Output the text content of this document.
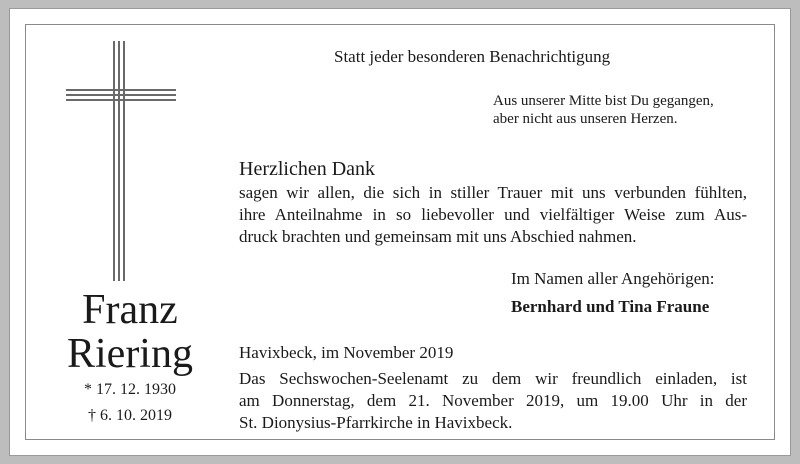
Franz
Riering
* 17. 12. 1930
† 6. 10. 2019
Statt jeder besonderen Benachrichtigung
Aus unserer Mitte bist Du gegangen,
aber nicht aus unseren Herzen.
Herzlichen Dank
sagen wir allen, die sich in stiller Trauer mit uns verbunden fühlten,
ihre Anteilnahme in so liebevoller und vielfältiger Weise zum Aus-
druck brachten und gemeinsam mit uns Abschied nahmen.
Im Namen aller Angehörigen:
Bernhard und Tina Fraune
Havixbeck, im November 2019
Das Sechswochen-Seelenamt zu dem wir freundlich einladen, ist
am Donnerstag, dem 21. November 2019, um 19.00 Uhr in der
St. Dionysius-Pfarrkirche in Havixbeck.
